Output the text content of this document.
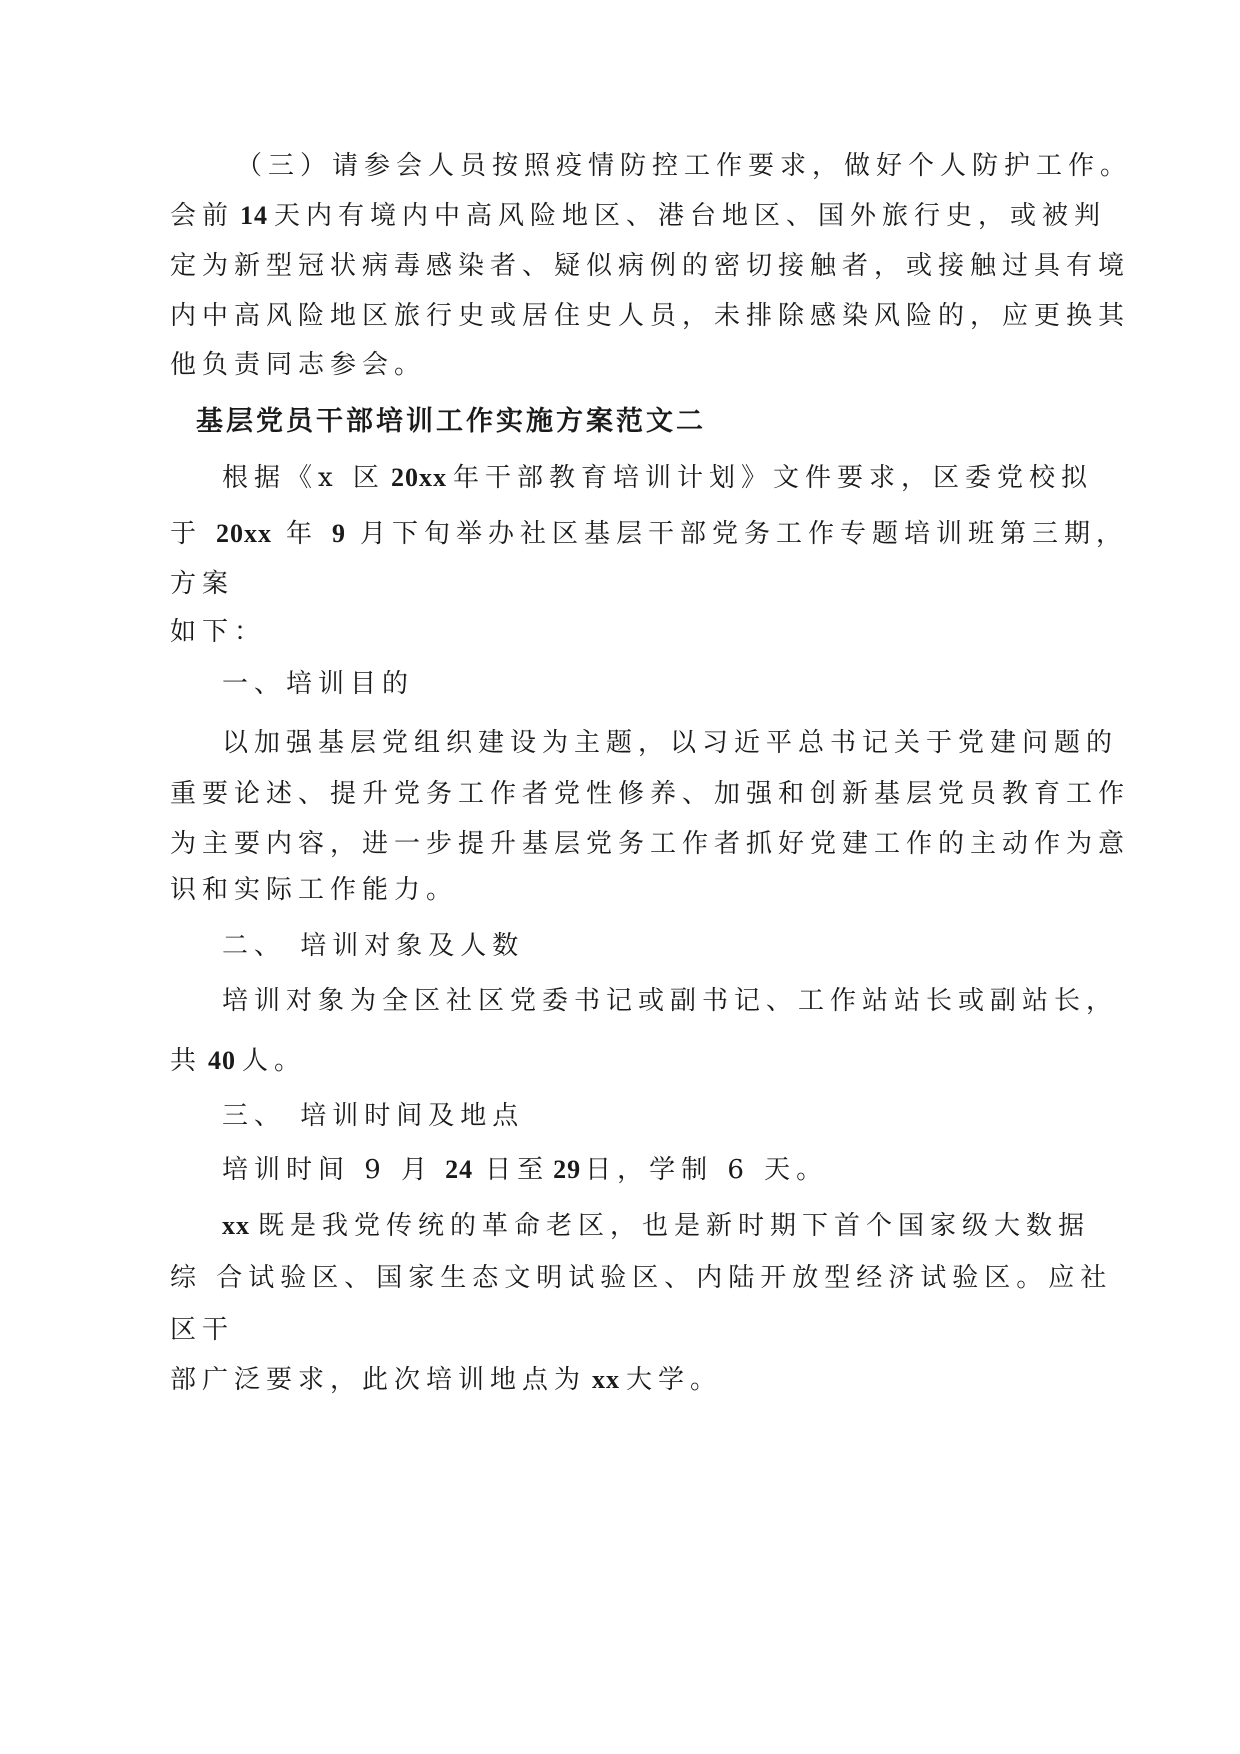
（三）请参会人员按照疫情防控工作要求，做好个人防护工作。
会前 14 天内有境内中高风险地区、港台地区、国外旅行史，或被判
定为新型冠状病毒感染者、疑似病例的密切接触者，或接触过具有境
内中高风险地区旅行史或居住史人员，未排除感染风险的，应更换其
他负责同志参会。
基层党员干部培训工作实施方案范文二
根据《x 区 20xx 年干部教育培训计划》文件要求，区委党校拟
于 20xx 年 9 月下旬举办社区基层干部党务工作专题培训班第三期，
方案
如下：
一、培训目的
以加强基层党组织建设为主题，以习近平总书记关于党建问题的
重要论述、提升党务工作者党性修养、加强和创新基层党员教育工作
为主要内容，进一步提升基层党务工作者抓好党建工作的主动作为意
识和实际工作能力。
二、 培训对象及人数
培训对象为全区社区党委书记或副书记、工作站站长或副站长，
共 40 人。
三、 培训时间及地点
培训时间 9 月 24 日至 29 日，学制 6 天。
xx 既是我党传统的革命老区，也是新时期下首个国家级大数据
综 合试验区、国家生态文明试验区、内陆开放型经济试验区。应社
区干
部广泛要求，此次培训地点为 xx 大学。
